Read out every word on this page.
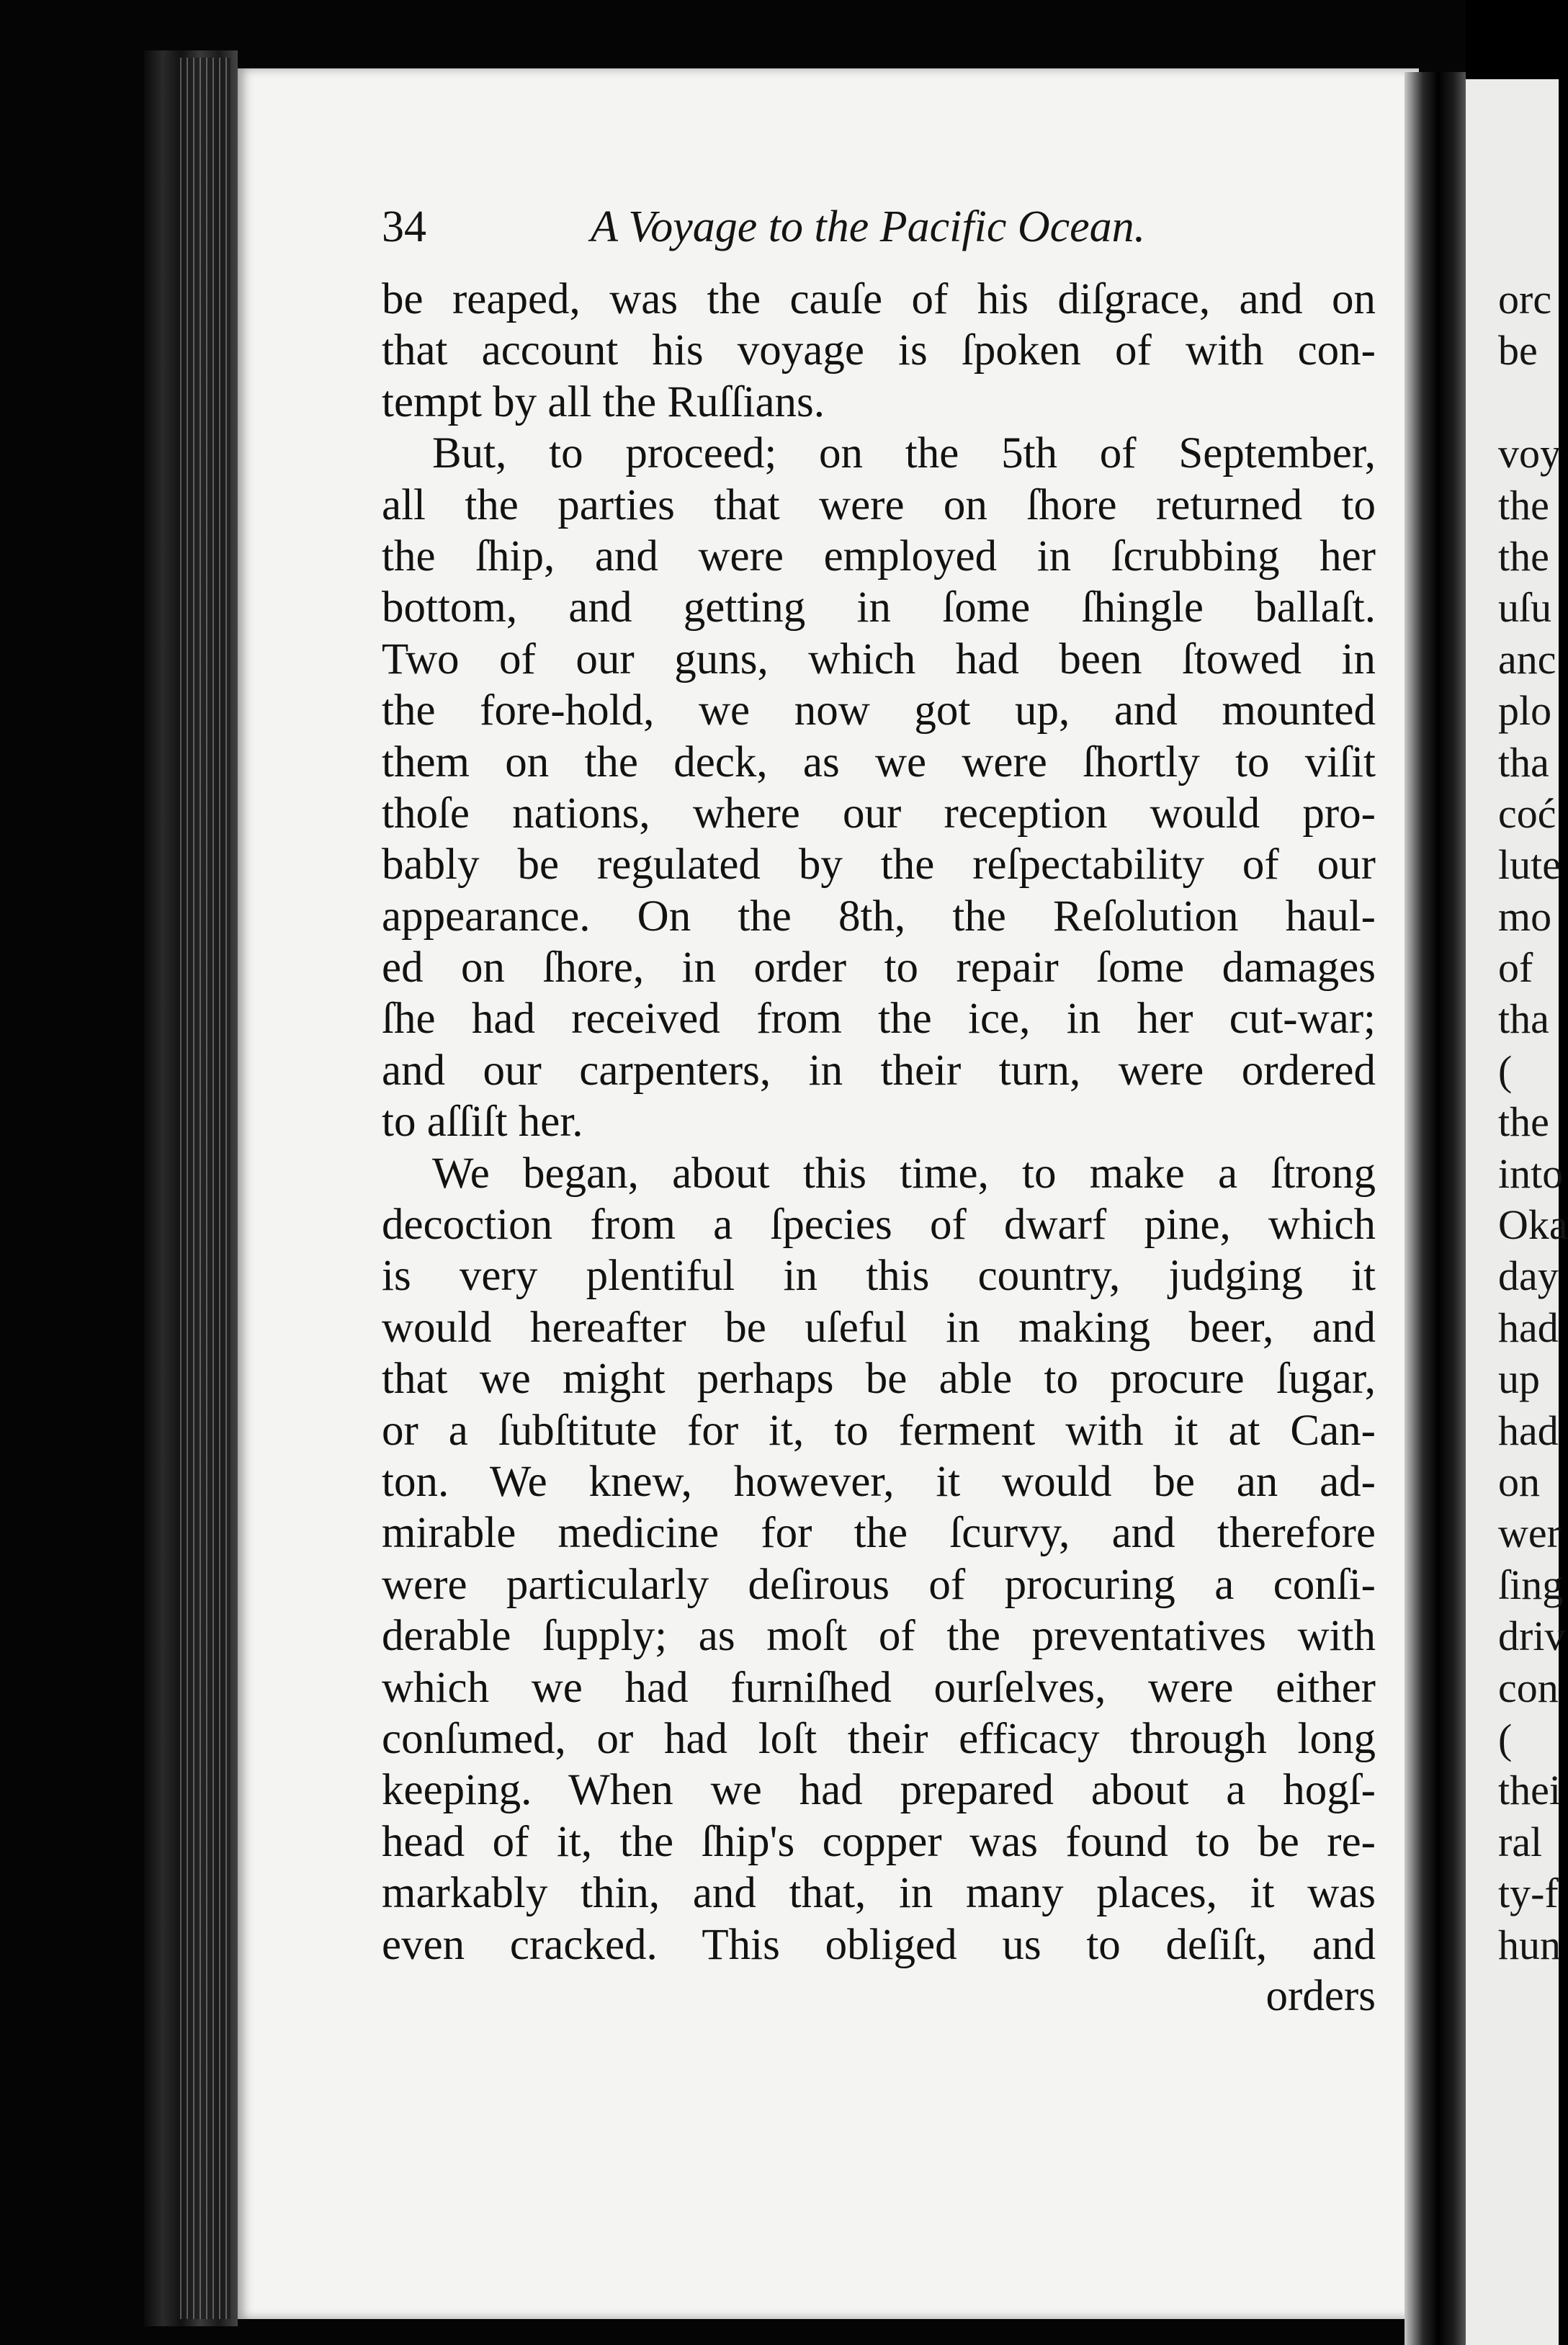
34	A Voyage to the Pacific Ocean.
be reaped, was the cauſe of his diſgrace, and on
that account his voyage is ſpoken of with con-
tempt by all the Ruſſians.
But, to proceed; on the 5th of September,
all the parties that were on ſhore returned to
the ſhip, and were employed in ſcrubbing her
bottom, and getting in ſome ſhingle ballaſt.
Two of our guns, which had been ſtowed in
the fore-hold, we now got up, and mounted
them on the deck, as we were ſhortly to viſit
thoſe nations, where our reception would pro-
bably be regulated by the reſpectability of our
appearance. On the 8th, the Reſolution haul-
ed on ſhore, in order to repair ſome damages
ſhe had received from the ice, in her cut-war;
and our carpenters, in their turn, were ordered
to aſſiſt her.
We began, about this time, to make a ſtrong
decoction from a ſpecies of dwarf pine, which
is very plentiful in this country, judging it
would hereafter be uſeful in making beer, and
that we might perhaps be able to procure ſugar,
or a ſubſtitute for it, to ferment with it at Can-
ton. We knew, however, it would be an ad-
mirable medicine for the ſcurvy, and therefore
were particularly deſirous of procuring a conſi-
derable ſupply; as moſt of the preventatives with
which we had furniſhed ourſelves, were either
conſumed, or had loſt their efficacy through long
keeping. When we had prepared about a hogſ-
head of it, the ſhip's copper was found to be re-
markably thin, and that, in many places, it was
even cracked. This obliged us to deſiſt, and
orders
orc
be
voy
the
the
uſu
anc
plo
tha
coć
lute
mo
of
tha
(
the
into
Oka
day
had
up
had
on
wer
ſing
driv
con
(
thei
ral
ty-f
hun
